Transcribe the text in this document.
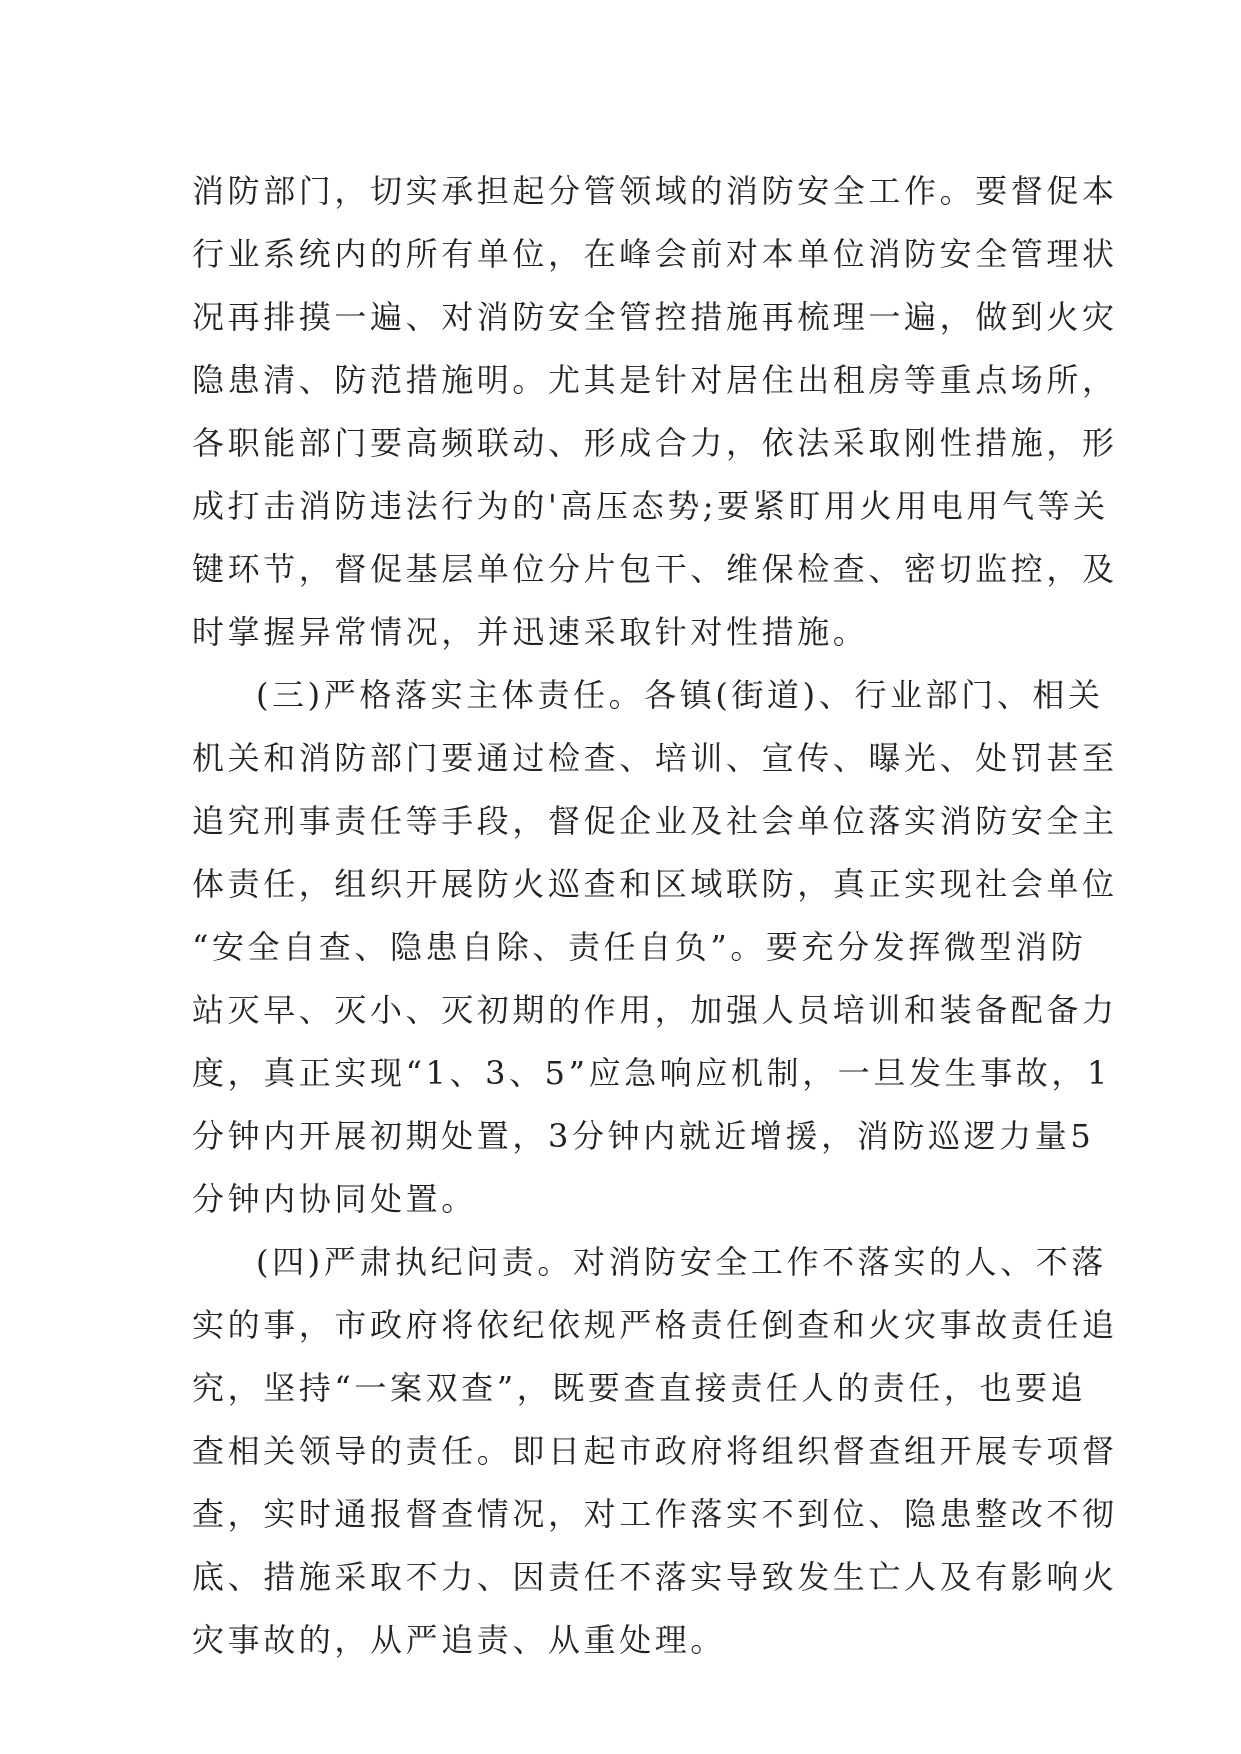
消防部门，切实承担起分管领域的消防安全工作。要督促本
行业系统内的所有单位，在峰会前对本单位消防安全管理状
况再排摸一遍、对消防安全管控措施再梳理一遍，做到火灾
隐患清、防范措施明。尤其是针对居住出租房等重点场所，
各职能部门要高频联动、形成合力，依法采取刚性措施，形
成打击消防违法行为的'高压态势;要紧盯用火用电用气等关
键环节，督促基层单位分片包干、维保检查、密切监控，及
时掌握异常情况，并迅速采取针对性措施。

(三)严格落实主体责任。各镇(街道)、行业部门、相关
机关和消防部门要通过检查、培训、宣传、曝光、处罚甚至
追究刑事责任等手段，督促企业及社会单位落实消防安全主
体责任，组织开展防火巡查和区域联防，真正实现社会单位
“安全自查、隐患自除、责任自负”。要充分发挥微型消防
站灭早、灭小、灭初期的作用，加强人员培训和装备配备力
度，真正实现“1、3、5”应急响应机制，一旦发生事故，1
分钟内开展初期处置，3分钟内就近增援，消防巡逻力量5
分钟内协同处置。

(四)严肃执纪问责。对消防安全工作不落实的人、不落
实的事，市政府将依纪依规严格责任倒查和火灾事故责任追
究，坚持“一案双查”，既要查直接责任人的责任，也要追
查相关领导的责任。即日起市政府将组织督查组开展专项督
查，实时通报督查情况，对工作落实不到位、隐患整改不彻
底、措施采取不力、因责任不落实导致发生亡人及有影响火
灾事故的，从严追责、从重处理。
